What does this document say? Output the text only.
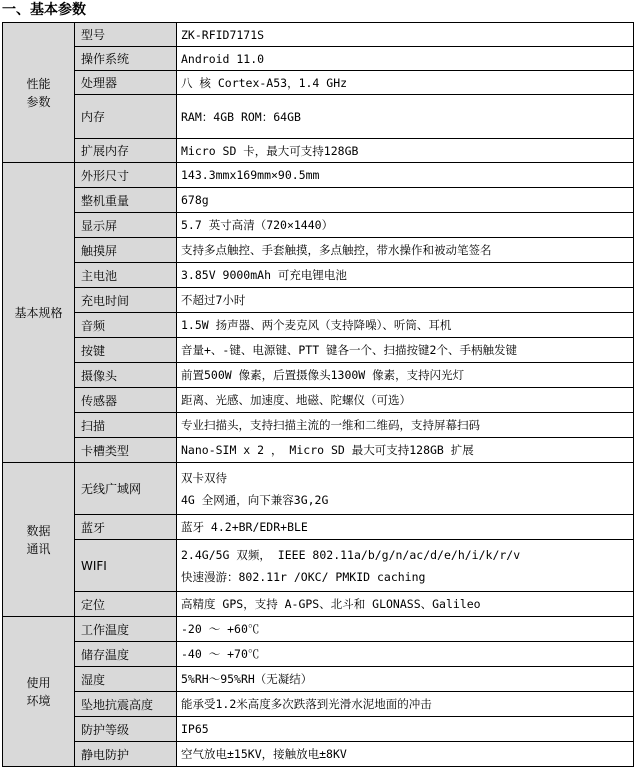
一、基本参数
性能
参数	型号	ZK-RFID7171S

	操作系统	Android 11.0

	处理器	八 核 Cortex-A53，1.4 GHz

	内存	RAM：4GB ROM：64GB

	扩展内存	Micro SD 卡，最大可支持128GB

基本规格	外形尺寸	143.3mmx169mm×90.5mm

	整机重量	678g

	显示屏	5.7 英寸高清（720×1440）

	触摸屏	支持多点触控、手套触摸，多点触控，带水操作和被动笔签名

	主电池	3.85V 9000mAh 可充电锂电池

	充电时间	不超过7小时

	音频	1.5W 扬声器、两个麦克风（支持降噪）、听筒、耳机

	按键	音量+、-键、电源键、PTT 键各一个、扫描按键2个、手柄触发键

	摄像头	前置500W 像素，后置摄像头1300W 像素，支持闪光灯

	传感器	距离、光感、加速度、地磁、陀螺仪（可选）

	扫描	专业扫描头，支持扫描主流的一维和二维码，支持屏幕扫码

	卡槽类型	Nano-SIM x 2 ， Micro SD 最大可支持128GB 扩展

数据
通讯	无线广域网	双卡双待
4G 全网通，向下兼容3G,2G

	蓝牙	蓝牙 4.2+BR/EDR+BLE

	WIFI	2.4G/5G 双频， IEEE 802.11a/b/g/n/ac/d/e/h/i/k/r/v
快速漫游：802.11r /OKC/ PMKID caching

	定位	高精度 GPS，支持 A-GPS、北斗和 GLONASS、Galileo

使用
环境	工作温度	-20 ～ +60℃

	储存温度	-40 ～ +70℃

	湿度	5%RH～95%RH（无凝结）

	坠地抗震高度	能承受1.2米高度多次跌落到光滑水泥地面的冲击

	防护等级	IP65

	静电防护	空气放电±15KV，接触放电±8KV
